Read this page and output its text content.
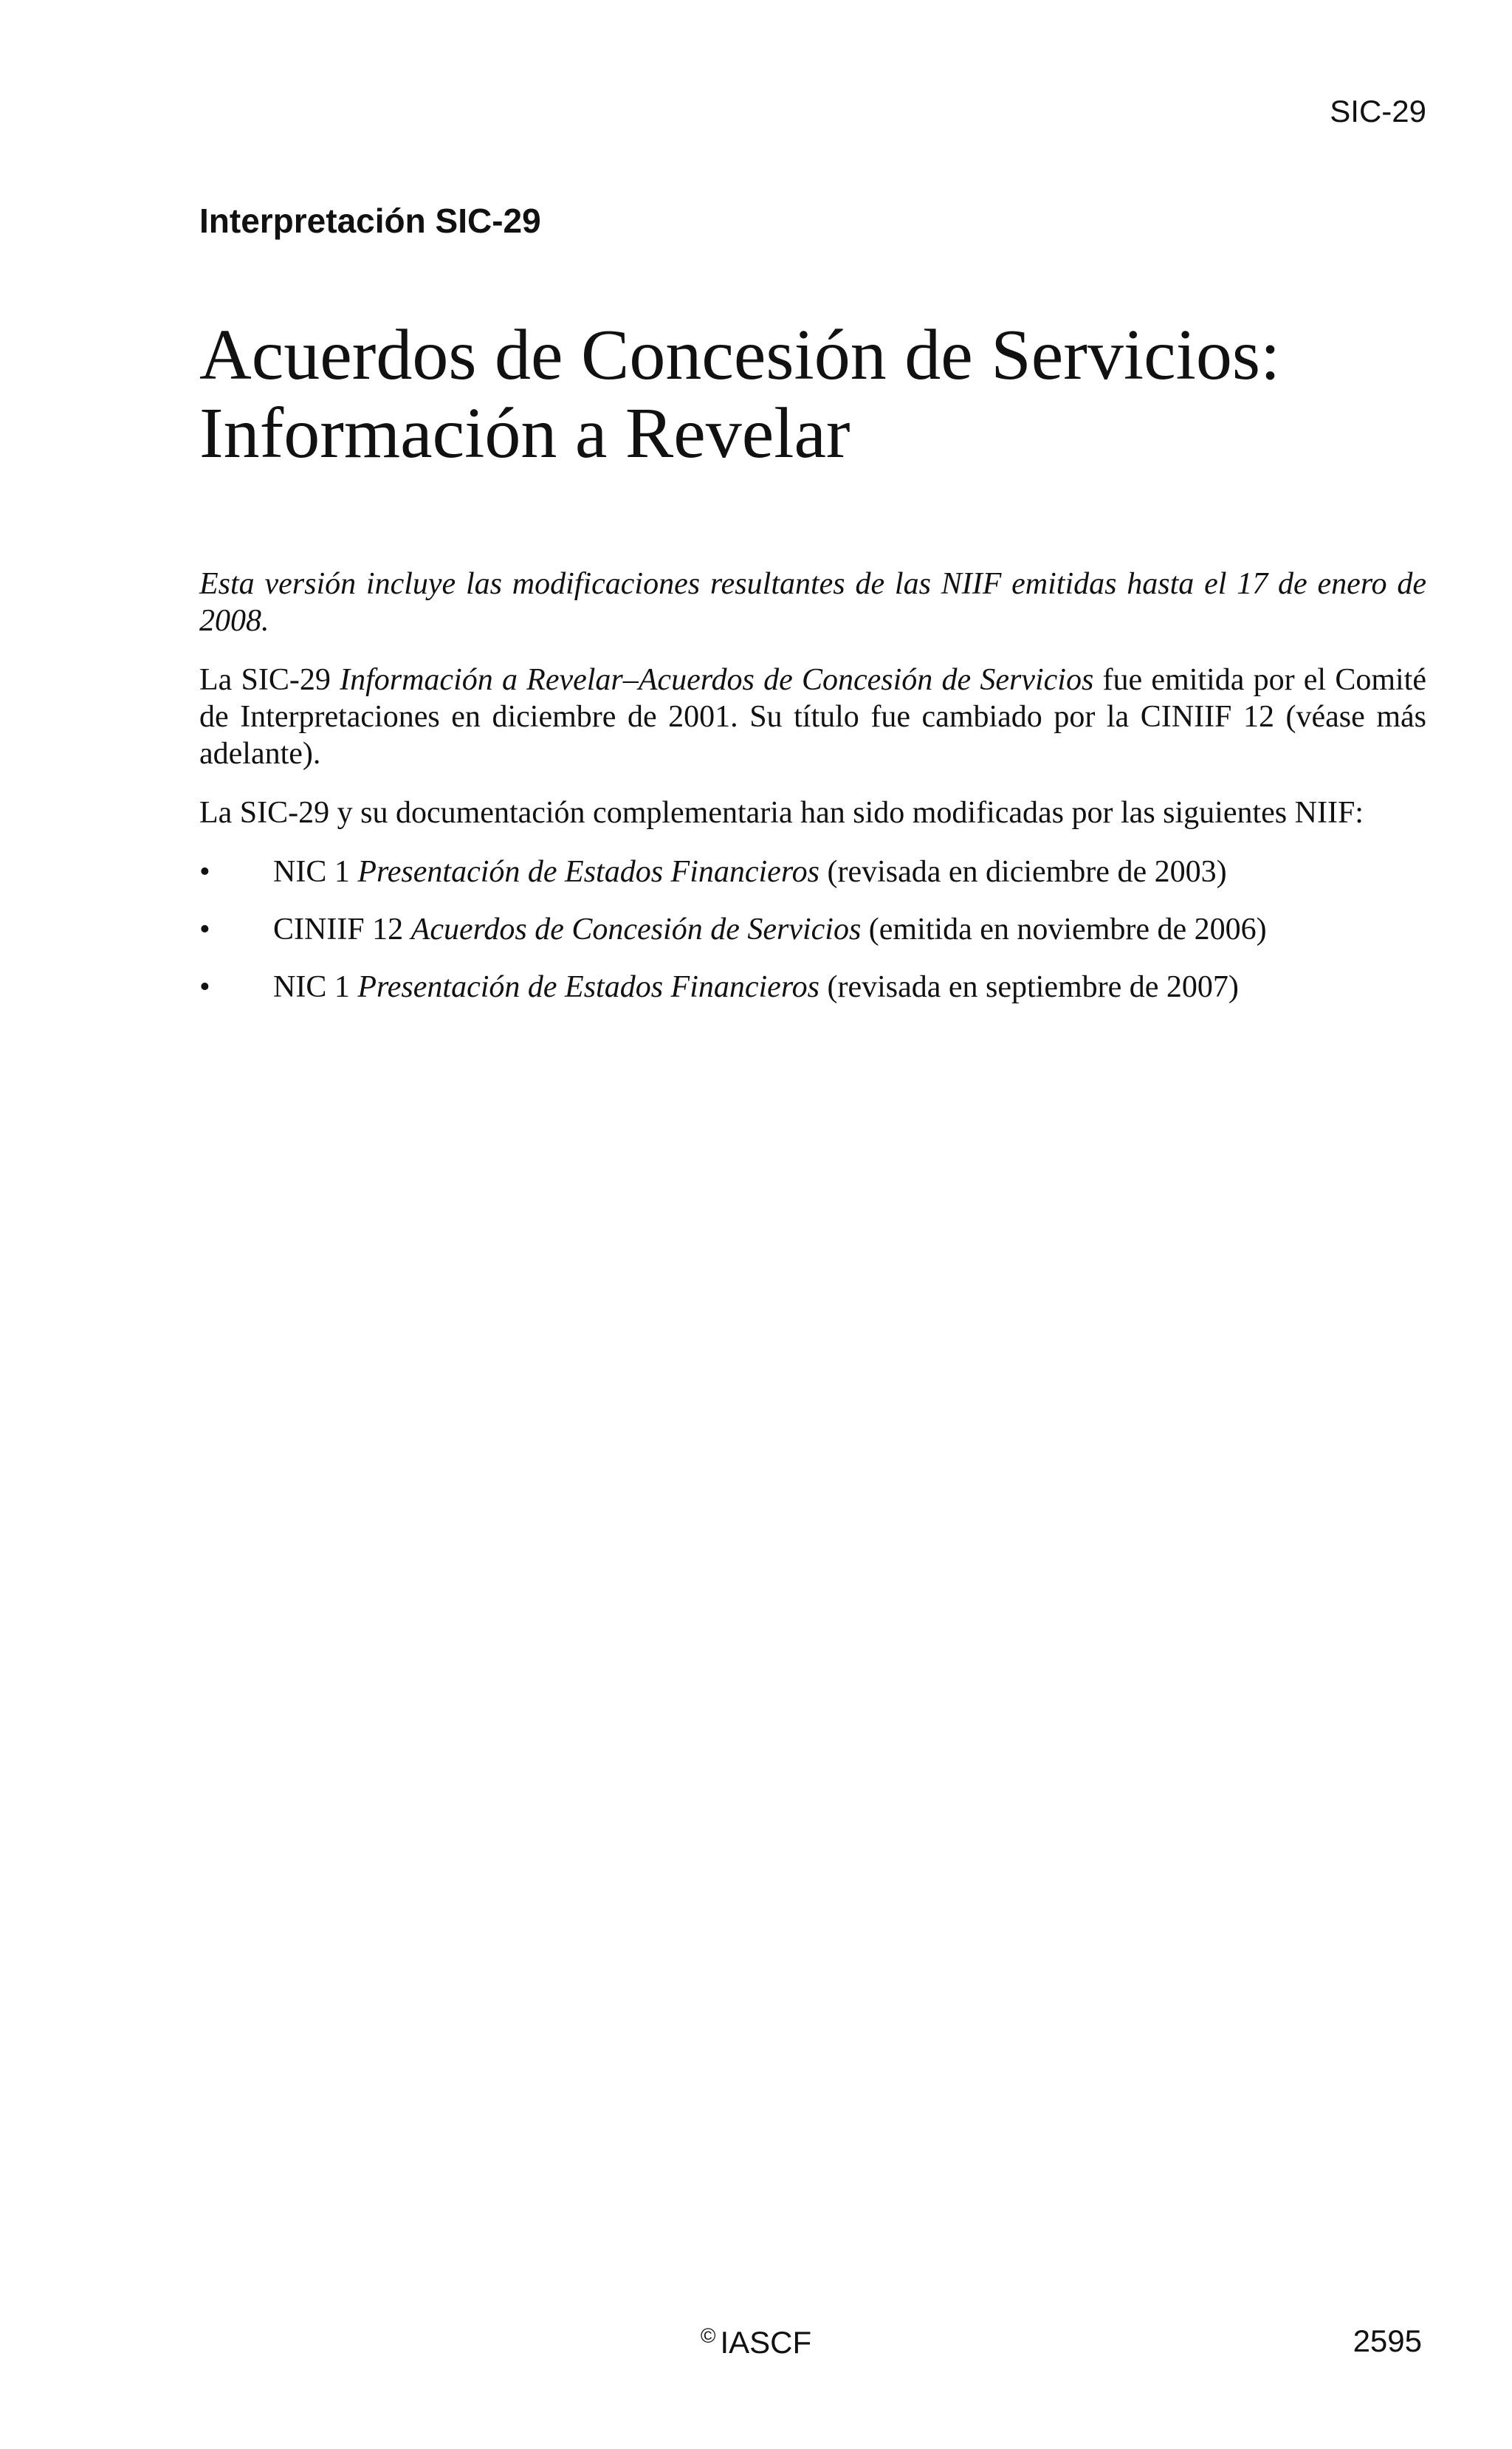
SIC-29
Interpretación SIC-29
Acuerdos de Concesión de Servicios:
Información a Revelar

Esta versión incluye las modificaciones resultantes de las NIIF emitidas hasta el 17 de enero de 2008.

La SIC-29 Información a Revelar–Acuerdos de Concesión de Servicios fue emitida por el Comité de Interpretaciones en diciembre de 2001. Su título fue cambiado por la CINIIF 12 (véase más adelante).

La SIC-29 y su documentación complementaria han sido modificadas por las siguientes NIIF:

• NIC 1 Presentación de Estados Financieros (revisada en diciembre de 2003)
• CINIIF 12 Acuerdos de Concesión de Servicios (emitida en noviembre de 2006)
• NIC 1 Presentación de Estados Financieros (revisada en septiembre de 2007)
© IASCF	2595
